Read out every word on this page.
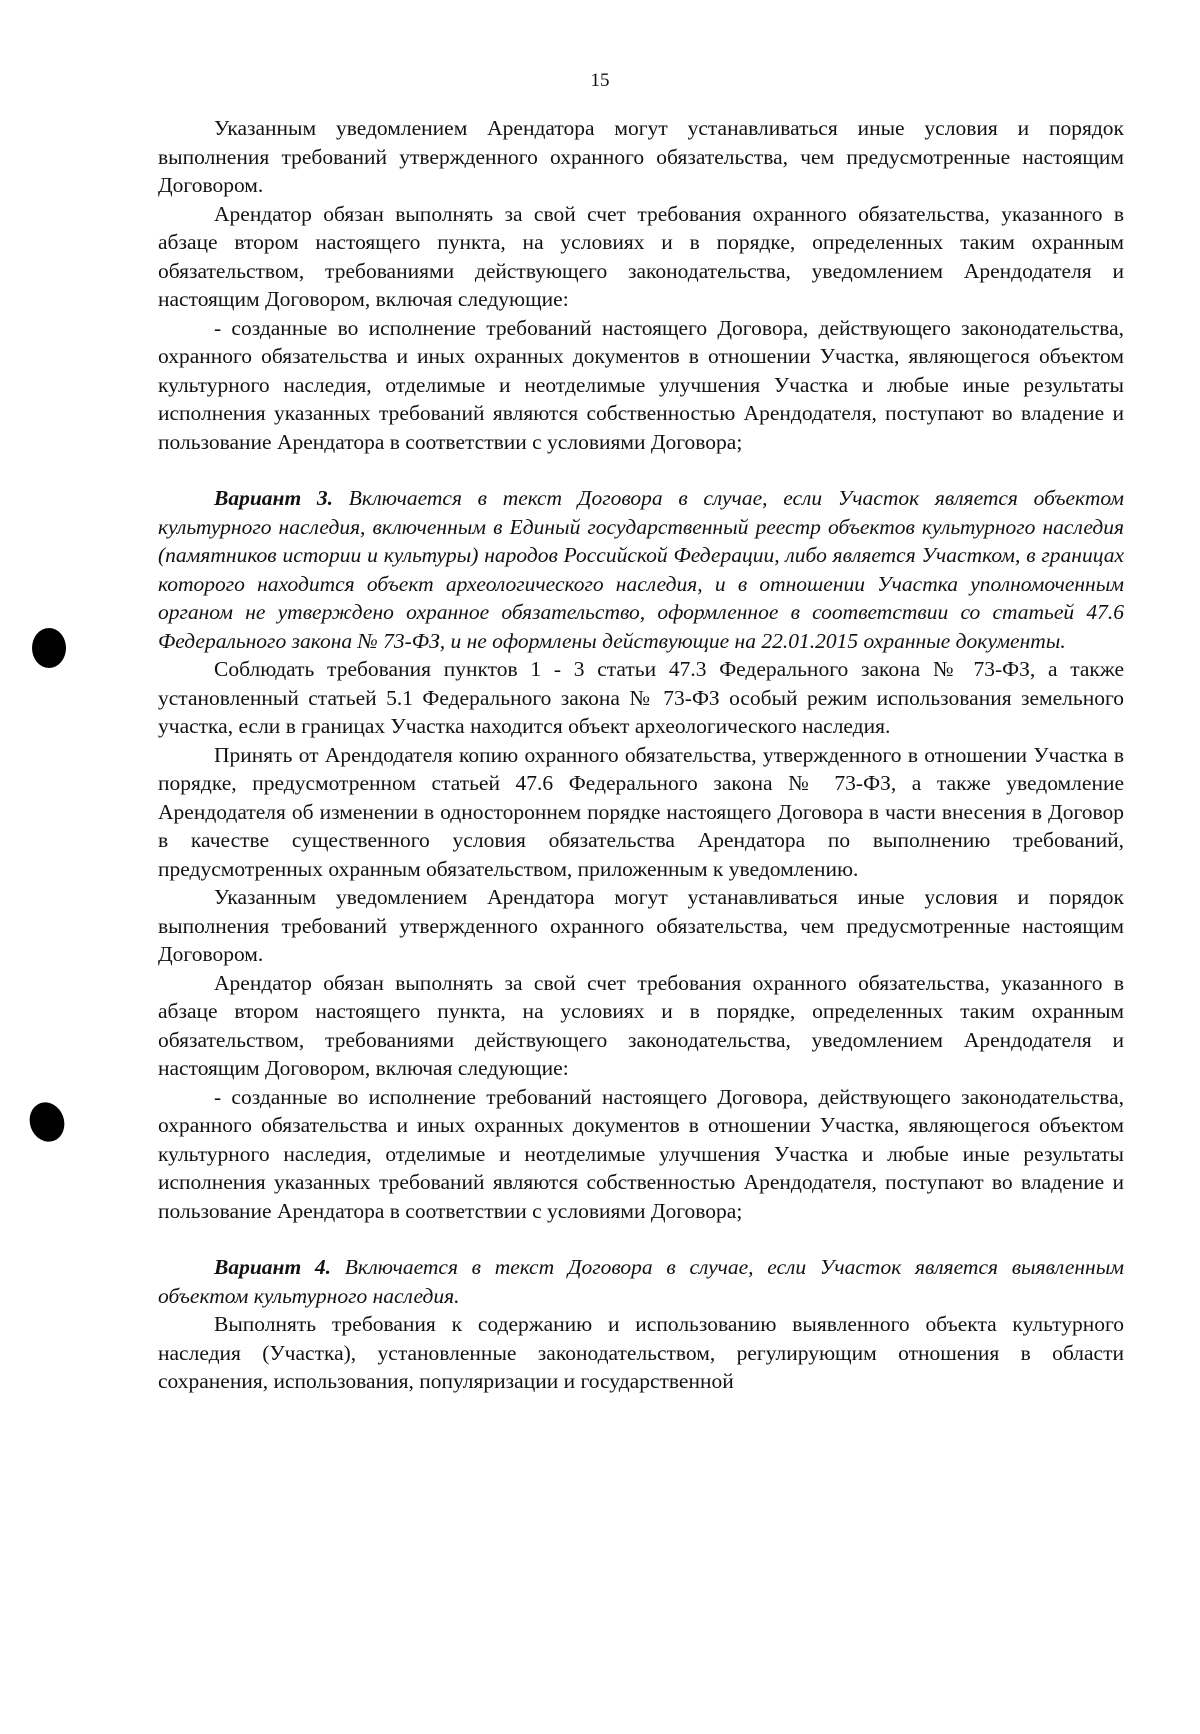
15

Указанным уведомлением Арендатора могут устанавливаться иные условия и порядок выполнения требований утвержденного охранного обязательства, чем предусмотренные настоящим Договором.

Арендатор обязан выполнять за свой счет требования охранного обязательства, указанного в абзаце втором настоящего пункта, на условиях и в порядке, определенных таким охранным обязательством, требованиями действующего законодательства, уведомлением Арендодателя и настоящим Договором, включая следующие:

- созданные во исполнение требований настоящего Договора, действующего законодательства, охранного обязательства и иных охранных документов в отношении Участка, являющегося объектом культурного наследия, отделимые и неотделимые улучшения Участка и любые иные результаты исполнения указанных требований являются собственностью Арендодателя, поступают во владение и пользование Арендатора в соответствии с условиями Договора;

Вариант 3. Включается в текст Договора в случае, если Участок является объектом культурного наследия, включенным в Единый государственный реестр объектов культурного наследия (памятников истории и культуры) народов Российской Федерации, либо является Участком, в границах которого находится объект археологического наследия, и в отношении Участка уполномоченным органом не утверждено охранное обязательство, оформленное в соответствии со статьей 47.6 Федерального закона № 73-ФЗ, и не оформлены действующие на 22.01.2015 охранные документы.

Соблюдать требования пунктов 1 - 3 статьи 47.3 Федерального закона № 73-ФЗ, а также установленный статьей 5.1 Федерального закона № 73-ФЗ особый режим использования земельного участка, если в границах Участка находится объект археологического наследия.

Принять от Арендодателя копию охранного обязательства, утвержденного в отношении Участка в порядке, предусмотренном статьей 47.6 Федерального закона № 73-ФЗ, а также уведомление Арендодателя об изменении в одностороннем порядке настоящего Договора в части внесения в Договор в качестве существенного условия обязательства Арендатора по выполнению требований, предусмотренных охранным обязательством, приложенным к уведомлению.

Указанным уведомлением Арендатора могут устанавливаться иные условия и порядок выполнения требований утвержденного охранного обязательства, чем предусмотренные настоящим Договором.

Арендатор обязан выполнять за свой счет требования охранного обязательства, указанного в абзаце втором настоящего пункта, на условиях и в порядке, определенных таким охранным обязательством, требованиями действующего законодательства, уведомлением Арендодателя и настоящим Договором, включая следующие:

- созданные во исполнение требований настоящего Договора, действующего законодательства, охранного обязательства и иных охранных документов в отношении Участка, являющегося объектом культурного наследия, отделимые и неотделимые улучшения Участка и любые иные результаты исполнения указанных требований являются собственностью Арендодателя, поступают во владение и пользование Арендатора в соответствии с условиями Договора;

Вариант 4. Включается в текст Договора в случае, если Участок является выявленным объектом культурного наследия.

Выполнять требования к содержанию и использованию выявленного объекта культурного наследия (Участка), установленные законодательством, регулирующим отношения в области сохранения, использования, популяризации и государственной
